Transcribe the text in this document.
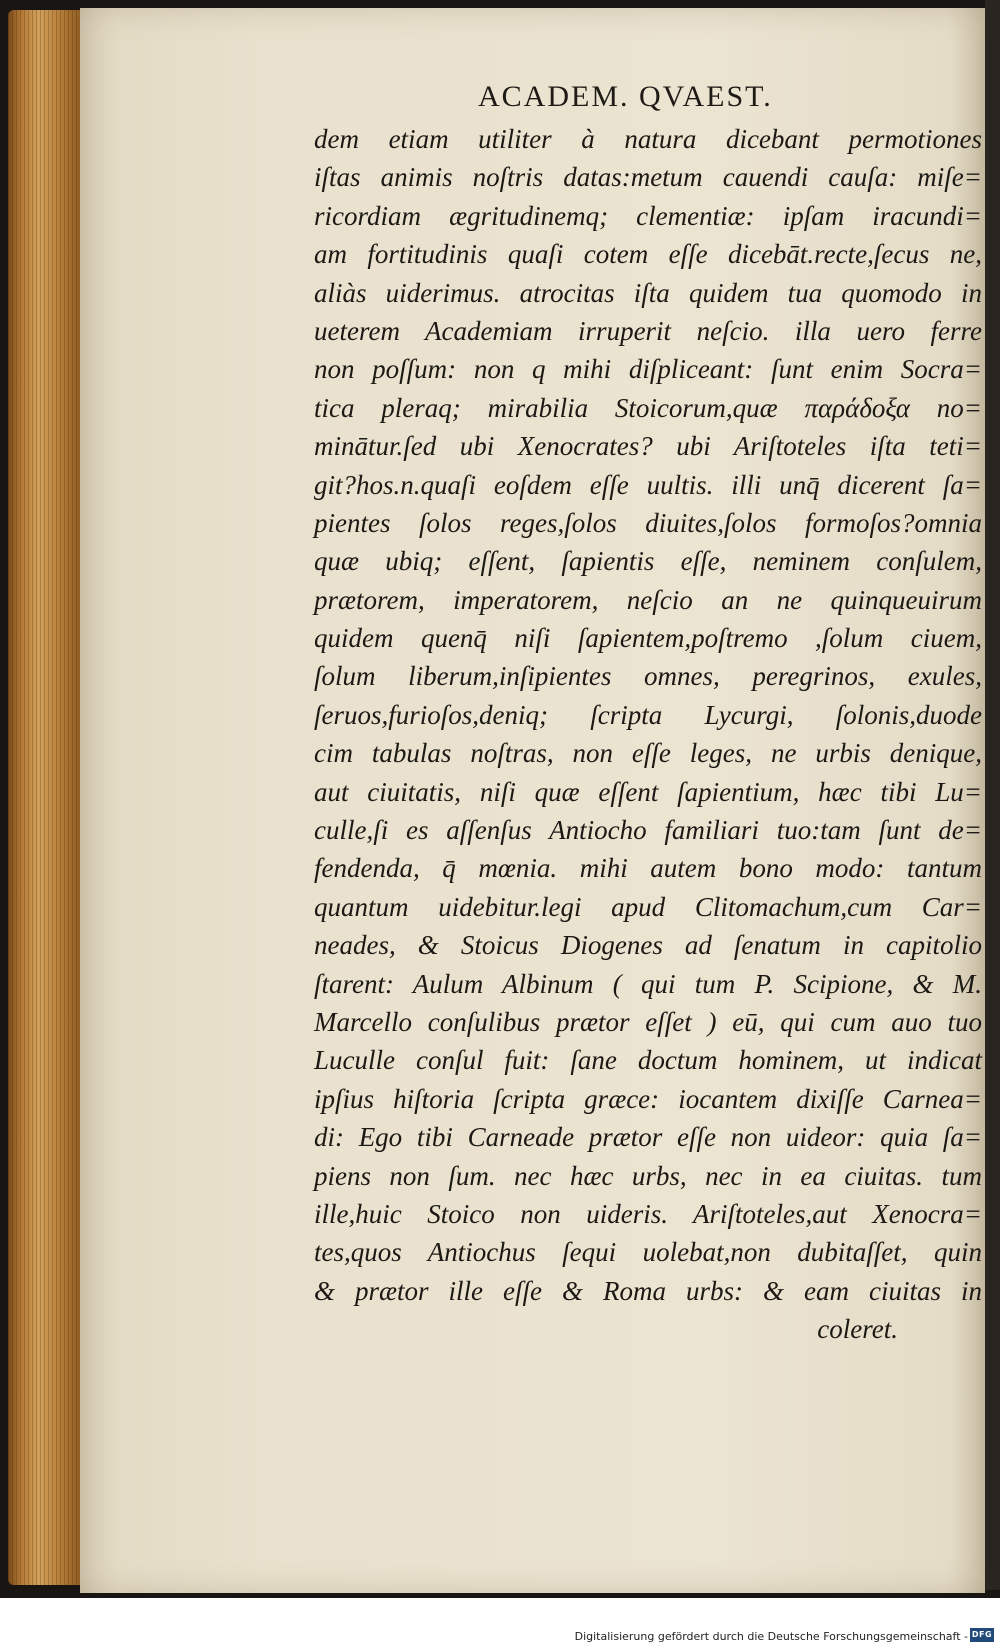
ACADEM. QVAEST.
dem etiam utiliter à natura dicebant permotiones
iſtas animis noſtris datas:metum cauendi cauſa: miſe=
ricordiam ægritudinemq; clementiæ: ipſam iracundi=
am fortitudinis quaſi cotem eſſe dicebāt.recte,ſecus ne,
aliàs uiderimus. atrocitas iſta quidem tua quomodo in
ueterem Academiam irruperit neſcio. illa uero ferre
non poſſum: non q mihi diſpliceant: ſunt enim Socra=
tica pleraq; mirabilia Stoicorum,quæ παράδοξα no=
minātur.ſed ubi Xenocrates? ubi Ariſtoteles iſta teti=
git?hos.n.quaſi eoſdem eſſe uultis. illi unq̄ dicerent ſa=
pientes ſolos reges,ſolos diuites,ſolos formoſos?omnia
quæ ubiq; eſſent, ſapientis eſſe, neminem conſulem,
prætorem, imperatorem, neſcio an ne quinqueuirum
quidem quenq̄ niſi ſapientem,poſtremo ,ſolum ciuem,
ſolum liberum,inſipientes omnes, peregrinos, exules,
ſeruos,furioſos,deniq; ſcripta Lycurgi, ſolonis,duode
cim tabulas noſtras, non eſſe leges, ne urbis denique,
aut ciuitatis, niſi quæ eſſent ſapientium, hæc tibi Lu=
culle,ſi es aſſenſus Antiocho familiari tuo:tam ſunt de=
fendenda, q̄ mœnia. mihi autem bono modo: tantum
quantum uidebitur.legi apud Clitomachum,cum Car=
neades, & Stoicus Diogenes ad ſenatum in capitolio
ſtarent: Aulum Albinum ( qui tum P. Scipione, & M.
Marcello conſulibus prætor eſſet ) eū, qui cum auo tuo
Luculle conſul fuit: ſane doctum hominem, ut indicat
ipſius hiſtoria ſcripta græce: iocantem dixiſſe Carnea=
di: Ego tibi Carneade prætor eſſe non uideor: quia ſa=
piens non ſum. nec hæc urbs, nec in ea ciuitas. tum
ille,huic Stoico non uideris. Ariſtoteles,aut Xenocra=
tes,quos Antiochus ſequi uolebat,non dubitaſſet, quin
& prætor ille eſſe & Roma urbs: & eam ciuitas in
coleret.

Digitalisierung gefördert durch die Deutsche Forschungsgemeinschaft - DFG
